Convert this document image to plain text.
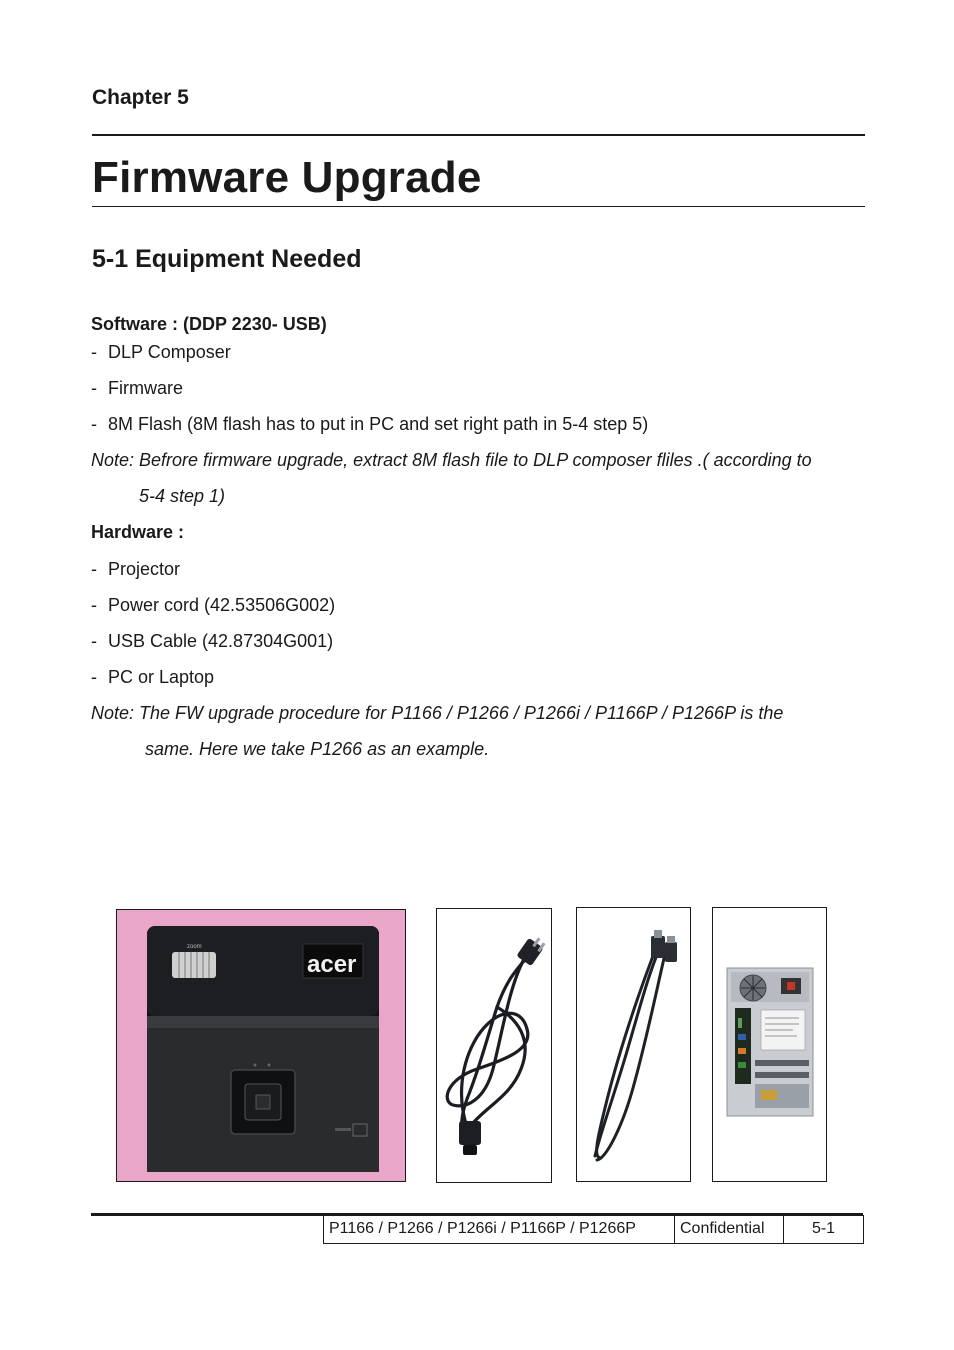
Chapter 5
Firmware Upgrade
5-1 Equipment Needed
Software : (DDP 2230- USB)
- DLP Composer
- Firmware
- 8M Flash (8M flash has to put in PC and set right path in 5-4 step 5)
Note: Befrore firmware upgrade, extract 8M flash file to DLP composer fliles .( according to
5-4 step 1)
Hardware :
- Projector
- Power cord (42.53506G002)
- USB Cable (42.87304G001)
- PC or Laptop
Note: The FW upgrade procedure for P1166 / P1266 / P1266i / P1166P / P1266P is the
same. Here we take P1266 as an example.
zoom
acer
P1166 / P1266 / P1266i / P1166P / P1266P	Confidential	5-1
